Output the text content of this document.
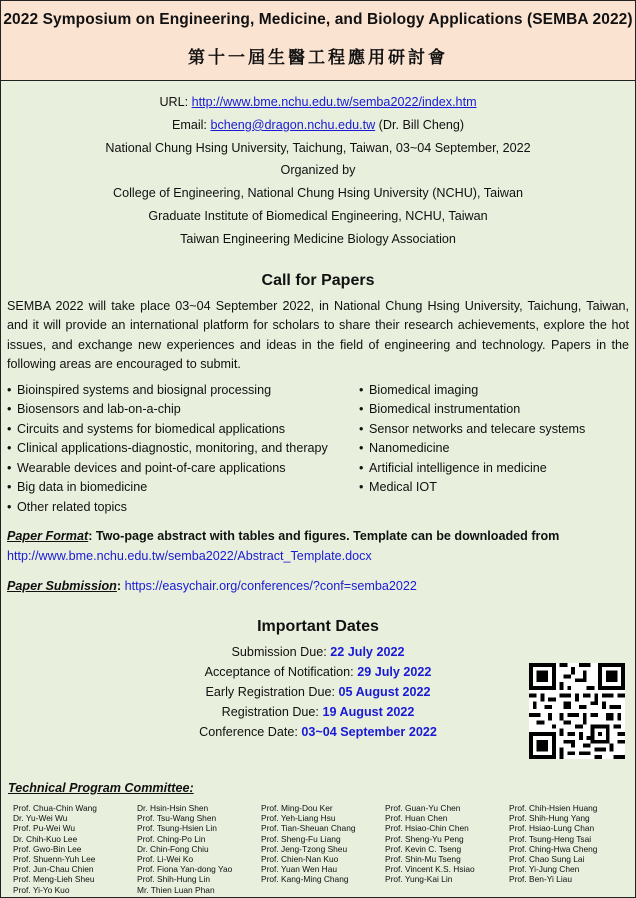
2022 Symposium on Engineering, Medicine, and Biology Applications (SEMBA 2022)
第十一屆生醫工程應用研討會
URL: http://www.bme.nchu.edu.tw/semba2022/index.htm
Email: bcheng@dragon.nchu.edu.tw (Dr. Bill Cheng)
National Chung Hsing University, Taichung, Taiwan, 03~04 September, 2022
Organized by
College of Engineering, National Chung Hsing University (NCHU), Taiwan
Graduate Institute of Biomedical Engineering, NCHU, Taiwan
Taiwan Engineering Medicine Biology Association
Call for Papers
SEMBA 2022 will take place 03~04 September 2022, in National Chung Hsing University, Taichung, Taiwan, and it will provide an international platform for scholars to share their research achievements, explore the hot issues, and exchange new experiences and ideas in the field of engineering and technology. Papers in the following areas are encouraged to submit.
• Bioinspired systems and biosignal processing
• Biosensors and lab-on-a-chip
• Circuits and systems for biomedical applications
• Clinical applications-diagnostic, monitoring, and therapy
• Wearable devices and point-of-care applications
• Big data in biomedicine
• Other related topics
• Biomedical imaging
• Biomedical instrumentation
• Sensor networks and telecare systems
• Nanomedicine
• Artificial intelligence in medicine
• Medical IOT
Paper Format: Two-page abstract with tables and figures. Template can be downloaded from
http://www.bme.nchu.edu.tw/semba2022/Abstract_Template.docx
Paper Submission: https://easychair.org/conferences/?conf=semba2022
Important Dates
Submission Due: 22 July 2022
Acceptance of Notification: 29 July 2022
Early Registration Due: 05 August 2022
Registration Due: 19 August 2022
Conference Date: 03~04 September 2022
Technical Program Committee:
Prof. Chua-Chin Wang
Dr. Yu-Wei Wu
Prof. Pu-Wei Wu
Dr. Chih-Kuo Lee
Prof. Gwo-Bin Lee
Prof. Shuenn-Yuh Lee
Prof. Jun-Chau Chien
Prof. Meng-Lieh Sheu
Prof. Yi-Yo Kuo
Dr. Hsin-Hsin Shen
Prof. Tsu-Wang Shen
Prof. Tsung-Hsien Lin
Prof. Ching-Po Lin
Dr. Chin-Fong Chiu
Prof. Li-Wei Ko
Prof. Fiona Yan-dong Yao
Prof. Shih-Hung Lin
Mr. Thien Luan Phan
Prof. Ming-Dou Ker
Prof. Yeh-Liang Hsu
Prof. Tian-Sheuan Chang
Prof. Sheng-Fu Liang
Prof. Jeng-Tzong Sheu
Prof. Chien-Nan Kuo
Prof. Yuan Wen Hau
Prof. Kang-Ming Chang
Prof. Guan-Yu Chen
Prof. Huan Chen
Prof. Hsiao-Chin Chen
Prof. Sheng-Yu Peng
Prof. Kevin C. Tseng
Prof. Shin-Mu Tseng
Prof. Vincent K.S. Hsiao
Prof. Yung-Kai Lin
Prof. Chih-Hsien Huang
Prof. Shih-Hung Yang
Prof. Hsiao-Lung Chan
Prof. Tsung-Heng Tsai
Prof. Ching-Hwa Cheng
Prof. Chao Sung Lai
Prof. Yi-Jung Chen
Prof. Ben-Yi Liau
